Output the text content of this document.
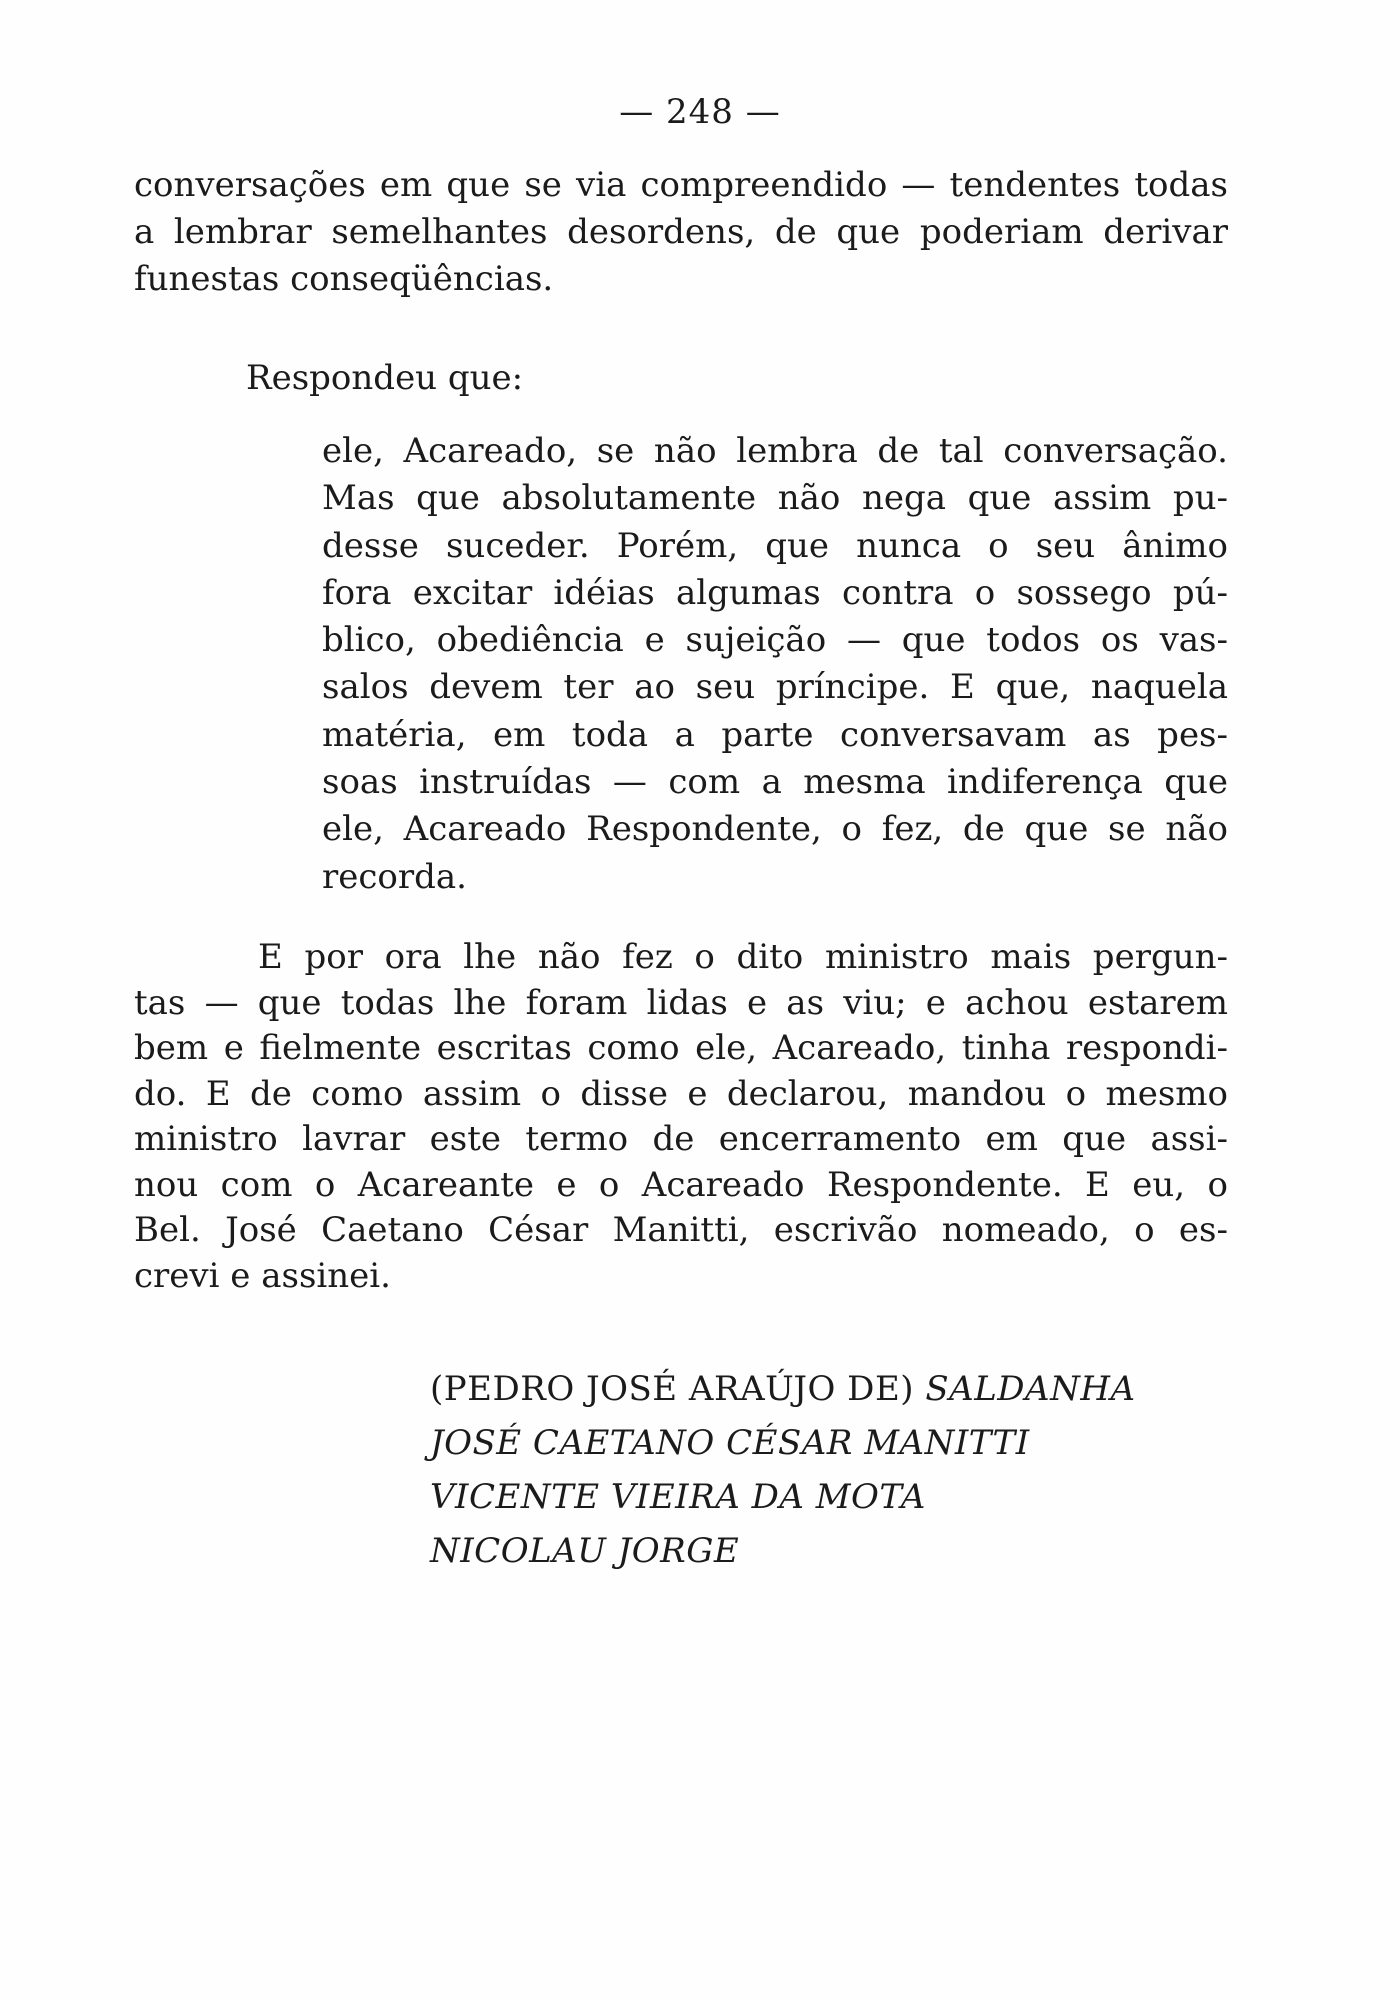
— 248 —

conversações em que se via compreendido — tendentes todas
a lembrar semelhantes desordens, de que poderiam derivar
funestas conseqüências.

Respondeu que:

ele, Acareado, se não lembra de tal conversação.
Mas que absolutamente não nega que assim pu-
desse suceder. Porém, que nunca o seu ânimo
fora excitar idéias algumas contra o sossego pú-
blico, obediência e sujeição — que todos os vas-
salos devem ter ao seu príncipe. E que, naquela
matéria, em toda a parte conversavam as pes-
soas instruídas — com a mesma indiferença que
ele, Acareado Respondente, o fez, de que se não
recorda.

E por ora lhe não fez o dito ministro mais pergun-
tas — que todas lhe foram lidas e as viu; e achou estarem
bem e fielmente escritas como ele, Acareado, tinha respondi-
do. E de como assim o disse e declarou, mandou o mesmo
ministro lavrar este termo de encerramento em que assi-
nou com o Acareante e o Acareado Respondente. E eu, o
Bel. José Caetano César Manitti, escrivão nomeado, o es-
crevi e assinei.

(PEDRO JOSÉ ARAÚJO DE) SALDANHA
JOSÉ CAETANO CÉSAR MANITTI
VICENTE VIEIRA DA MOTA
NICOLAU JORGE
